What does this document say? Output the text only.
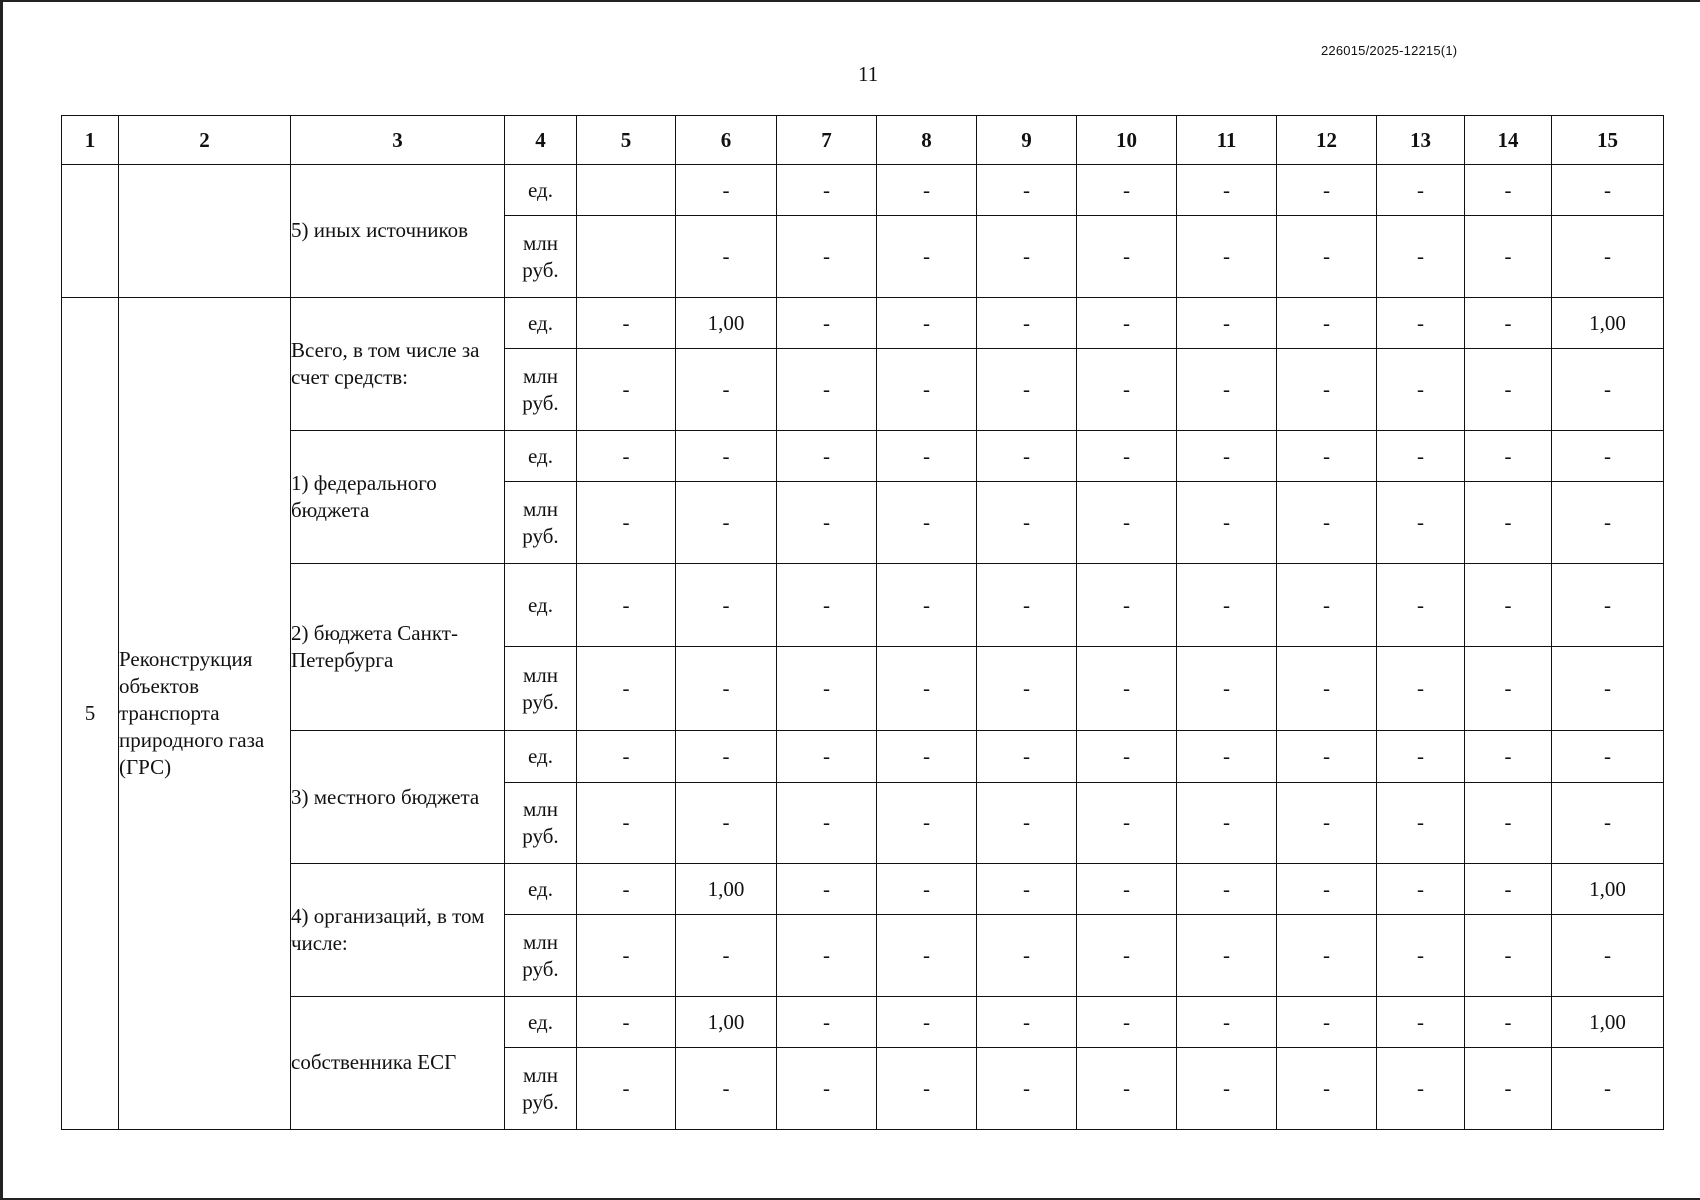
226015/2025-12215(1)
11
1	2	3	4	5	6	7	8	9	10	11	12	13	14	15
		5) иных источников	ед.		-	-	-	-	-	-	-	-	-	-
			млн руб.		-	-	-	-	-	-	-	-	-	-
5	Реконструкция объектов транспорта природного газа (ГРС)	Всего, в том числе за счет средств:	ед.	-	1,00	-	-	-	-	-	-	-	-	1,00
			млн руб.	-	-	-	-	-	-	-	-	-	-	-
		1) федерального бюджета	ед.	-	-	-	-	-	-	-	-	-	-	-
			млн руб.	-	-	-	-	-	-	-	-	-	-	-
		2) бюджета Санкт-Петербурга	ед.	-	-	-	-	-	-	-	-	-	-	-
			млн руб.	-	-	-	-	-	-	-	-	-	-	-
		3) местного бюджета	ед.	-	-	-	-	-	-	-	-	-	-	-
			млн руб.	-	-	-	-	-	-	-	-	-	-	-
		4) организаций, в том числе:	ед.	-	1,00	-	-	-	-	-	-	-	-	1,00
			млн руб.	-	-	-	-	-	-	-	-	-	-	-
		собственника ЕСГ	ед.	-	1,00	-	-	-	-	-	-	-	-	1,00
			млн руб.	-	-	-	-	-	-	-	-	-	-	-
